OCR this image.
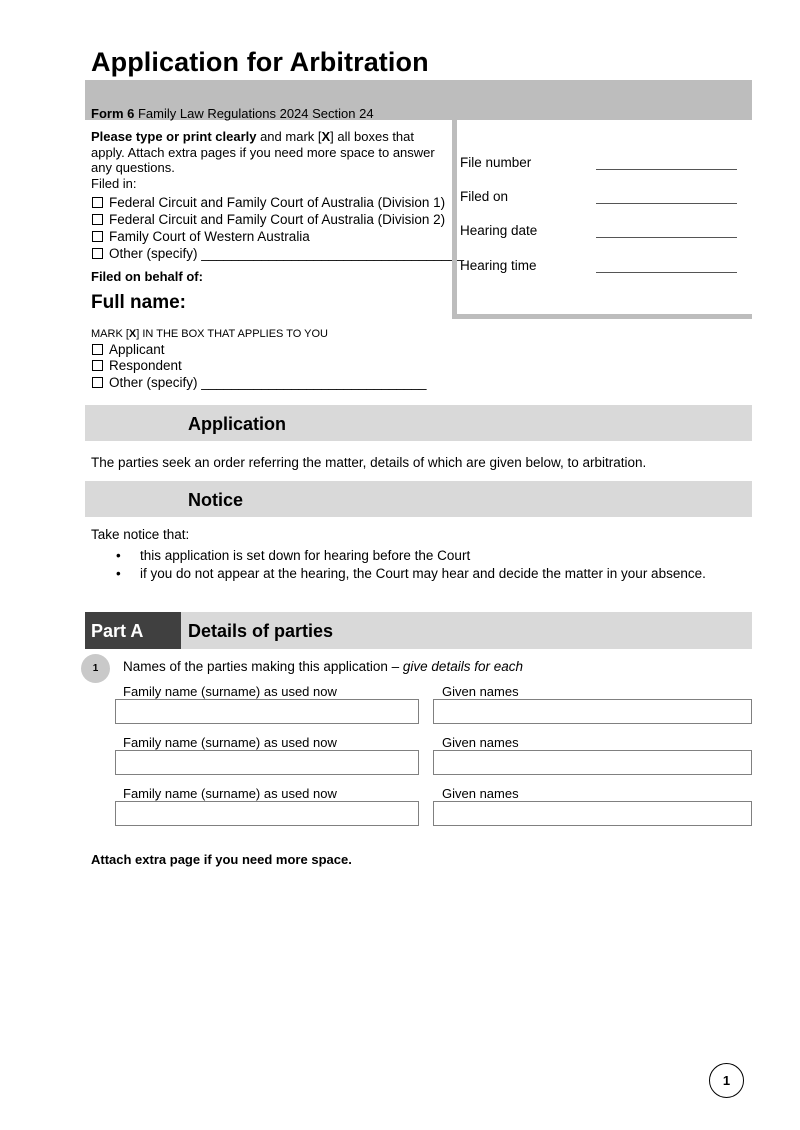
Application for Arbitration
Form 6 Family Law Regulations 2024 Section 24
Please type or print clearly and mark [X] all boxes that apply. Attach extra pages if you need more space to answer any questions.
Filed in:
Federal Circuit and Family Court of Australia (Division 1)
Federal Circuit and Family Court of Australia (Division 2)
Family Court of Western Australia
Other (specify) ___________________________________
Filed on behalf of:
Full name:
MARK [X] IN THE BOX THAT APPLIES TO YOU
Applicant
Respondent
Other (specify) ______________________________
File number
Filed on
Hearing date
Hearing time
Application
The parties seek an order referring the matter, details of which are given below, to arbitration.
Notice
Take notice that:
• this application is set down for hearing before the Court
• if you do not appear at the hearing, the Court may hear and decide the matter in your absence.
Part A Details of parties
1	Names of the parties making this application – give details for each
Family name (surname) as used now	Given names
Family name (surname) as used now	Given names
Family name (surname) as used now	Given names
Attach extra page if you need more space.
1
